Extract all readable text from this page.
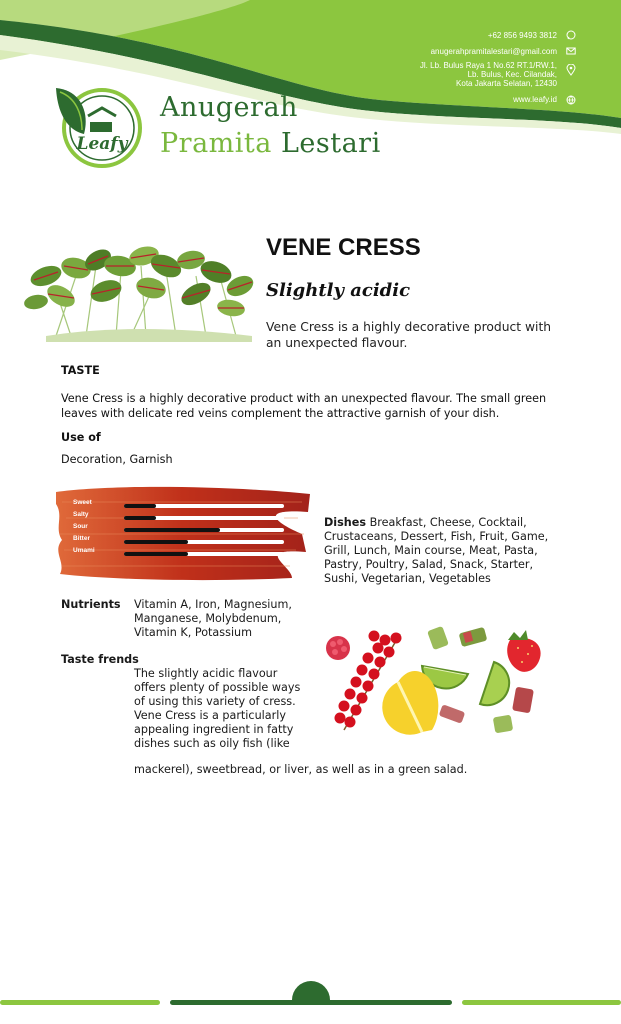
+62 856 9493 3812
anugerahpramitalestari@gmail.com
Jl. Lb. Bulus Raya 1 No.62 RT.1/RW.1,
Lb. Bulus, Kec. Cilandak,
Kota Jakarta Selatan, 12430
www.leafy.id
Leafy
Anugerah
Pramita Lestari
VENE CRESS
Slightly acidic
Vene Cress is a highly decorative product with an unexpected flavour.
TASTE
Vene Cress is a highly decorative product with an unexpected flavour. The small green leaves with delicate red veins complement the attractive garnish of your dish.
Use of
Decoration, Garnish
Sweet
Salty
Sour
Bitter
Umami
Dishes Breakfast, Cheese, Cocktail, Crustaceans, Dessert, Fish, Fruit, Game, Grill, Lunch, Main course, Meat, Pasta, Pastry, Poultry, Salad, Snack, Starter, Sushi, Vegetarian, Vegetables
Nutrients Vitamin A, Iron, Magnesium, Manganese, Molybdenum, Vitamin K, Potassium
Taste frends
The slightly acidic flavour offers plenty of possible ways of using this variety of cress. Vene Cress is a particularly appealing ingredient in fatty dishes such as oily fish (like
mackerel), sweetbread, or liver, as well as in a green salad.
